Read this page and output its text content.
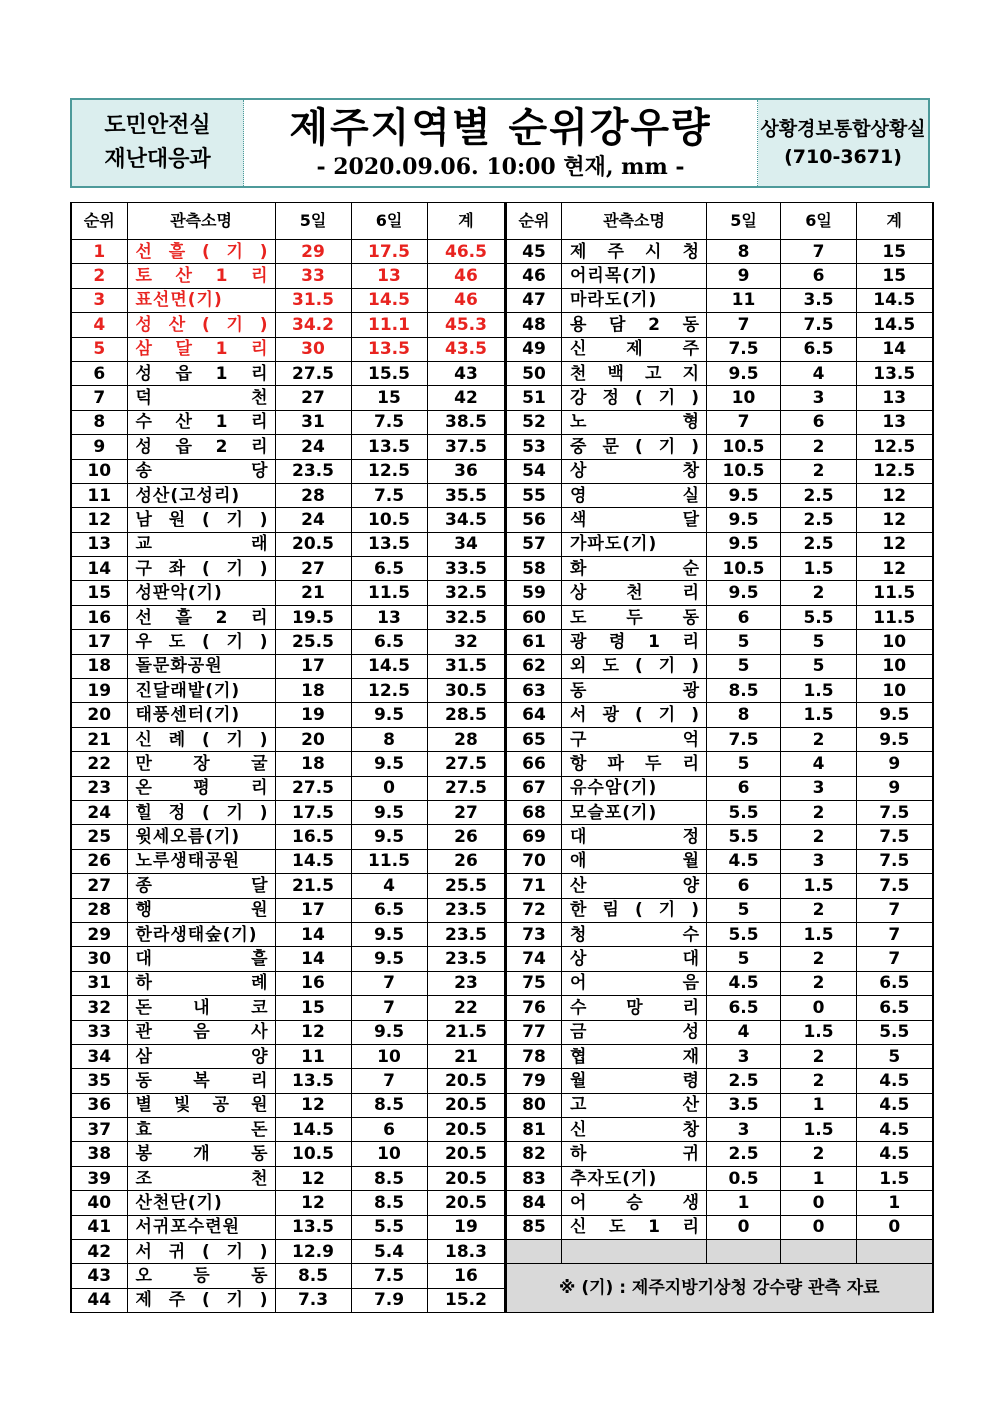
도민안전실
재난대응과
제주지역별 순위강우량
- 2020.09.06. 10:00 현재, mm -
상황경보통합상황실
(710-3671)
순위	관측소명	5일	6일	계
1	선 흘 ( 기 )	29	17.5	46.5
2	토 산 1 리	33	13	46
3	표선면(기)	31.5	14.5	46
4	성 산 ( 기 )	34.2	11.1	45.3
5	삼 달 1 리	30	13.5	43.5
6	성 읍 1 리	27.5	15.5	43
7	덕 천	27	15	42
8	수 산 1 리	31	7.5	38.5
9	성 읍 2 리	24	13.5	37.5
10	송 당	23.5	12.5	36
11	성산(고성리)	28	7.5	35.5
12	남 원 ( 기 )	24	10.5	34.5
13	교 래	20.5	13.5	34
14	구 좌 ( 기 )	27	6.5	33.5
15	성판악(기)	21	11.5	32.5
16	선 흘 2 리	19.5	13	32.5
17	우 도 ( 기 )	25.5	6.5	32
18	돌문화공원	17	14.5	31.5
19	진달래밭(기)	18	12.5	30.5
20	태풍센터(기)	19	9.5	28.5
21	신 례 ( 기 )	20	8	28
22	만 장 굴	18	9.5	27.5
23	온 평 리	27.5	0	27.5
24	힐 정 ( 기 )	17.5	9.5	27
25	윗세오름(기)	16.5	9.5	26
26	노루생태공원	14.5	11.5	26
27	종 달	21.5	4	25.5
28	행 원	17	6.5	23.5
29	한라생태숲(기)	14	9.5	23.5
30	대 흘	14	9.5	23.5
31	하 례	16	7	23
32	돈 내 코	15	7	22
33	관 음 사	12	9.5	21.5
34	삼 양	11	10	21
35	동 복 리	13.5	7	20.5
36	별 빛 공 원	12	8.5	20.5
37	효 돈	14.5	6	20.5
38	봉 개 동	10.5	10	20.5
39	조 천	12	8.5	20.5
40	산천단(기)	12	8.5	20.5
41	서귀포수련원	13.5	5.5	19
42	서 귀 ( 기 )	12.9	5.4	18.3
43	오 등 동	8.5	7.5	16
44	제 주 ( 기 )	7.3	7.9	15.2
순위	관측소명	5일	6일	계
45	제 주 시 청	8	7	15
46	어리목(기)	9	6	15
47	마라도(기)	11	3.5	14.5
48	용 담 2 동	7	7.5	14.5
49	신 제 주	7.5	6.5	14
50	천 백 고 지	9.5	4	13.5
51	강 정 ( 기 )	10	3	13
52	노 형	7	6	13
53	중 문 ( 기 )	10.5	2	12.5
54	상 창	10.5	2	12.5
55	영 실	9.5	2.5	12
56	색 달	9.5	2.5	12
57	가파도(기)	9.5	2.5	12
58	화 순	10.5	1.5	12
59	상 천 리	9.5	2	11.5
60	도 두 동	6	5.5	11.5
61	광 령 1 리	5	5	10
62	외 도 ( 기 )	5	5	10
63	동 광	8.5	1.5	10
64	서 광 ( 기 )	8	1.5	9.5
65	구 억	7.5	2	9.5
66	항 파 두 리	5	4	9
67	유수암(기)	6	3	9
68	모슬포(기)	5.5	2	7.5
69	대 정	5.5	2	7.5
70	애 월	4.5	3	7.5
71	산 양	6	1.5	7.5
72	한 림 ( 기 )	5	2	7
73	청 수	5.5	1.5	7
74	상 대	5	2	7
75	어 음	4.5	2	6.5
76	수 망 리	6.5	0	6.5
77	금 성	4	1.5	5.5
78	협 재	3	2	5
79	월 령	2.5	2	4.5
80	고 산	3.5	1	4.5
81	신 창	3	1.5	4.5
82	하 귀	2.5	2	4.5
83	추자도(기)	0.5	1	1.5
84	어 승 생	1	0	1
85	신 도 1 리	0	0	0

※ (기) : 제주지방기상청 강수량 관측 자료				
